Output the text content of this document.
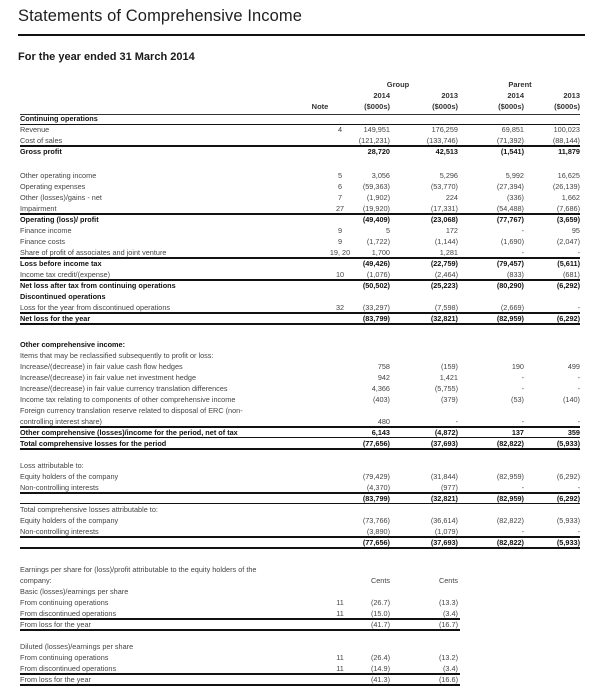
Statements of Comprehensive Income
For the year ended 31 March 2014
Group	Parent
2014	2013	2014	2013
Note	($000s)	($000s)	($000s)	($000s)
Continuing operations
Revenue	4	149,951	176,259	69,851	100,023
Cost of sales	(121,231)	(133,746)	(71,392)	(88,144)
Gross profit	28,720	42,513	(1,541)	11,879
Other operating income	5	3,056	5,296	5,992	16,625
Operating expenses	6	(59,363)	(53,770)	(27,394)	(26,139)
Other (losses)/gains - net	7	(1,902)	224	(336)	1,662
Impairment	27	(19,920)	(17,331)	(54,488)	(7,686)
Operating (loss)/ profit	(49,409)	(23,068)	(77,767)	(3,659)
Finance income	9	5	172	-	95
Finance costs	9	(1,722)	(1,144)	(1,690)	(2,047)
Share of profit of associates and joint venture	19, 20	1,700	1,281	-	-
Loss before income tax	(49,426)	(22,759)	(79,457)	(5,611)
Income tax credit/(expense)	10	(1,076)	(2,464)	(833)	(681)
Net loss after tax from continuing operations	(50,502)	(25,223)	(80,290)	(6,292)
Discontinued operations
Loss for the year from discontinued operations	32	(33,297)	(7,598)	(2,669)	-
Net loss for the year	(83,799)	(32,821)	(82,959)	(6,292)
Other comprehensive income:
Items that may be reclassified subsequently to profit or loss:
Increase/(decrease) in fair value cash flow hedges	758	(159)	190	499
Increase/(decrease) in fair value net investment hedge	942	1,421	-	-
Increase/(decrease) in fair value currency translation differences	4,366	(5,755)	-	-
Income tax relating to components of other comprehensive income	(403)	(379)	(53)	(140)
Foreign currency translation reserve related to disposal of ERC (non-
controlling interest share)	480	-	-	-
Other comprehensive (losses)/income for the period, net of tax	6,143	(4,872)	137	359
Total comprehensive losses for the period	(77,656)	(37,693)	(82,822)	(5,933)
Loss attributable to:
Equity holders of the company	(79,429)	(31,844)	(82,959)	(6,292)
Non-controlling interests	(4,370)	(977)	-	-
(83,799)	(32,821)	(82,959)	(6,292)
Total comprehensive losses attributable to:
Equity holders of the company	(73,766)	(36,614)	(82,822)	(5,933)
Non-controlling interests	(3,890)	(1,079)	-	-
(77,656)	(37,693)	(82,822)	(5,933)
Earnings per share for (loss)/profit attributable to the equity holders of the
company:	Cents	Cents
Basic (losses)/earnings per share
From continuing operations	11	(26.7)	(13.3)
From discontinued operations	11	(15.0)	(3.4)
From loss for the year	(41.7)	(16.7)
Diluted (losses)/earnings per share
From continuing operations	11	(26.4)	(13.2)
From discontinued operations	11	(14.9)	(3.4)
From loss for the year	(41.3)	(16.6)
